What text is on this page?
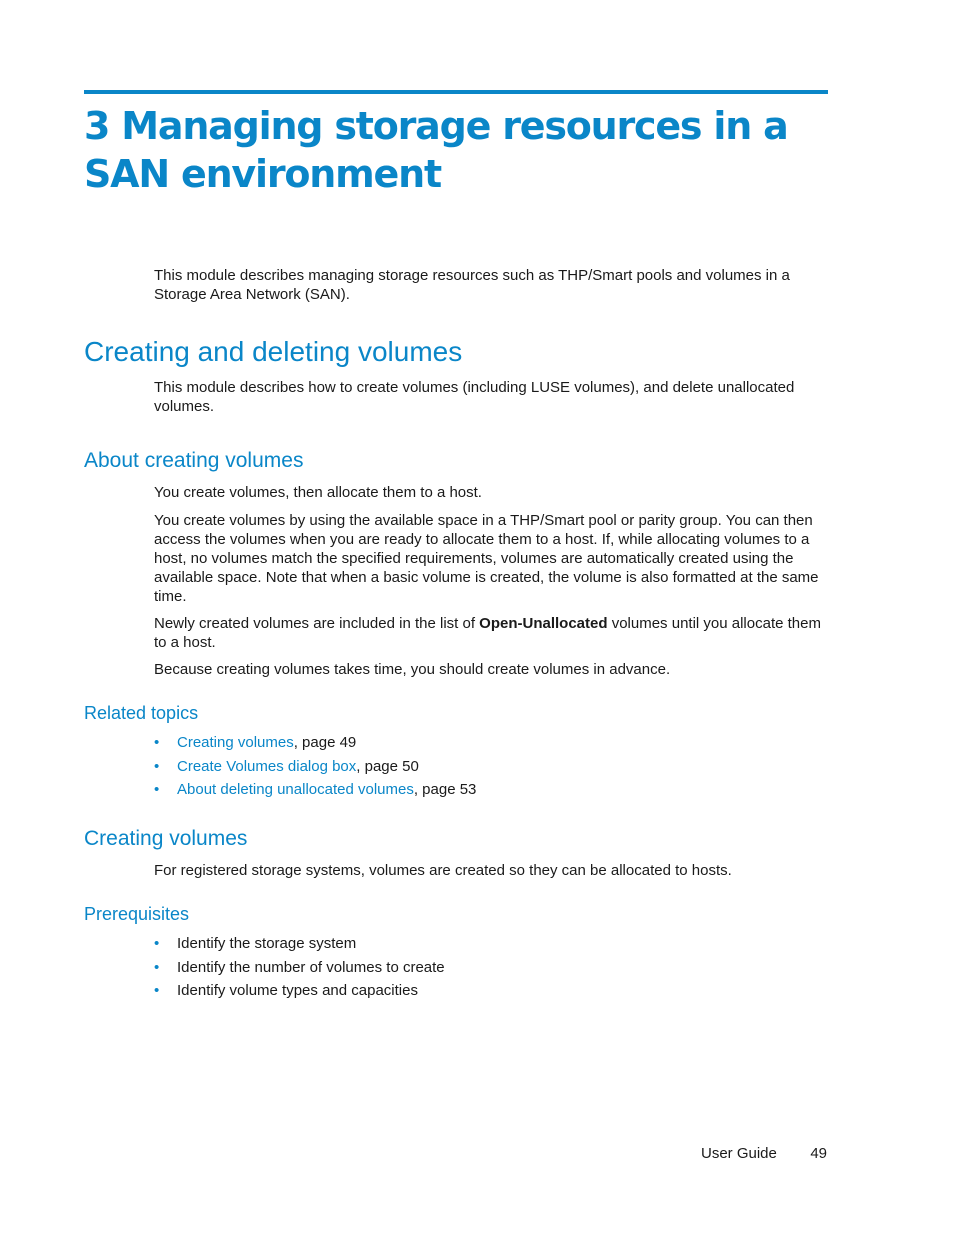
3 Managing storage resources in a SAN environment

This module describes managing storage resources such as THP/Smart pools and volumes in a Storage Area Network (SAN).

Creating and deleting volumes

This module describes how to create volumes (including LUSE volumes), and delete unallocated volumes.

About creating volumes

You create volumes, then allocate them to a host.

You create volumes by using the available space in a THP/Smart pool or parity group. You can then access the volumes when you are ready to allocate them to a host. If, while allocating volumes to a host, no volumes match the specified requirements, volumes are automatically created using the available space. Note that when a basic volume is created, the volume is also formatted at the same time.

Newly created volumes are included in the list of Open-Unallocated volumes until you allocate them to a host.

Because creating volumes takes time, you should create volumes in advance.

Related topics
• Creating volumes, page 49
• Create Volumes dialog box, page 50
• About deleting unallocated volumes, page 53
Creating volumes

For registered storage systems, volumes are created so they can be allocated to hosts.

Prerequisites
• Identify the storage system
• Identify the number of volumes to create
• Identify volume types and capacities
User Guide 49
